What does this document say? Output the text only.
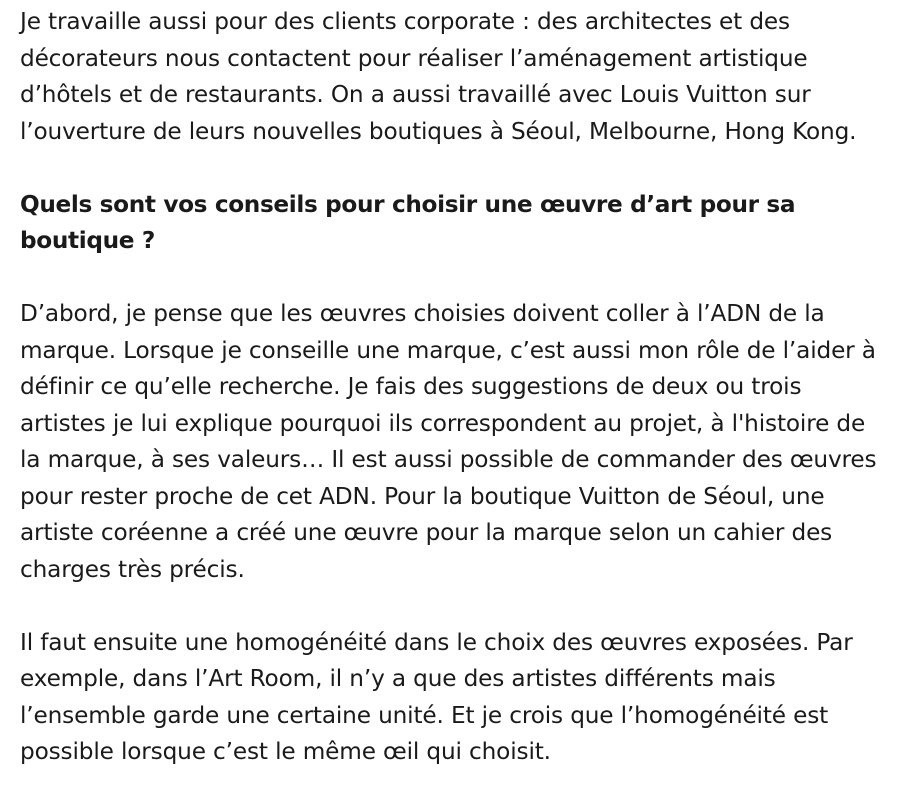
Je travaille aussi pour des clients corporate : des architectes et des décorateurs nous contactent pour réaliser l’aménagement artistique d’hôtels et de restaurants. On a aussi travaillé avec Louis Vuitton sur l’ouverture de leurs nouvelles boutiques à Séoul, Melbourne, Hong Kong.

Quels sont vos conseils pour choisir une œuvre d’art pour sa boutique ?

D’abord, je pense que les œuvres choisies doivent coller à l’ADN de la marque. Lorsque je conseille une marque, c’est aussi mon rôle de l’aider à définir ce qu’elle recherche. Je fais des suggestions de deux ou trois artistes je lui explique pourquoi ils correspondent au projet, à l'histoire de la marque, à ses valeurs… Il est aussi possible de commander des œuvres pour rester proche de cet ADN. Pour la boutique Vuitton de Séoul, une artiste coréenne a créé une œuvre pour la marque selon un cahier des charges très précis.

Il faut ensuite une homogénéité dans le choix des œuvres exposées. Par exemple, dans l’Art Room, il n’y a que des artistes différents mais l’ensemble garde une certaine unité. Et je crois que l’homogénéité est possible lorsque c’est le même œil qui choisit.
